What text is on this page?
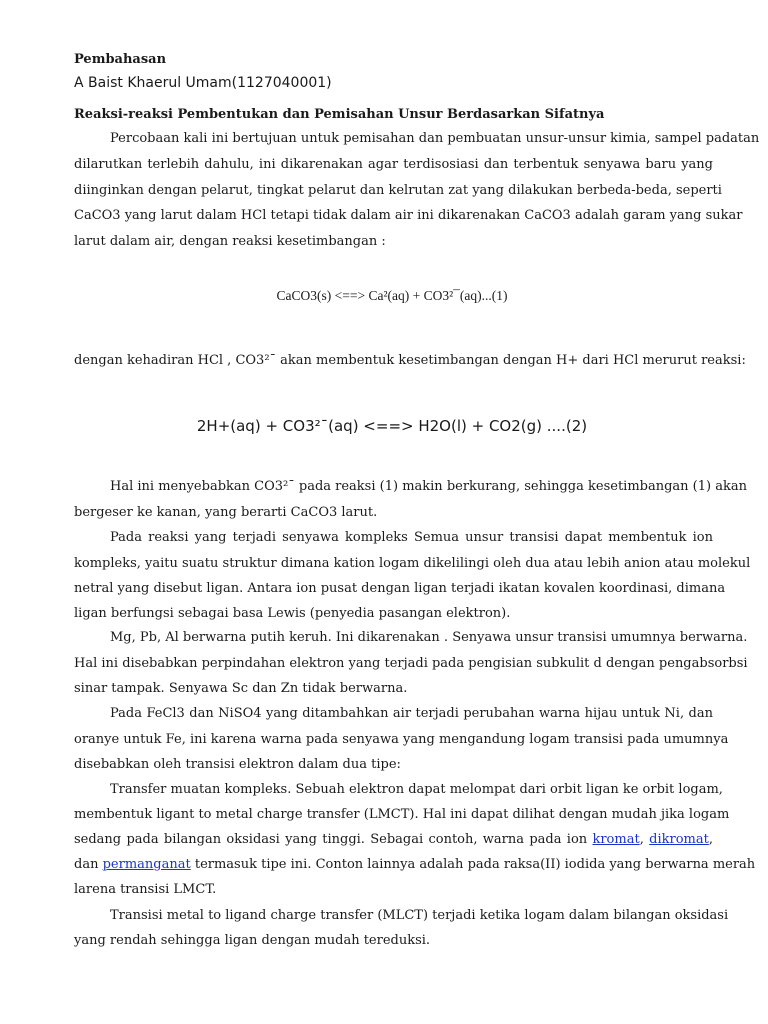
Pembahasan
A Baist Khaerul Umam(1127040001)
Reaksi-reaksi Pembentukan dan Pemisahan Unsur Berdasarkan Sifatnya
Percobaan kali ini bertujuan untuk pemisahan dan pembuatan unsur-unsur kimia, sampel padatan
dilarutkan terlebih dahulu, ini dikarenakan agar terdisosiasi dan terbentuk senyawa baru yang
diinginkan dengan pelarut, tingkat pelarut dan kelrutan zat yang dilakukan berbeda-beda, seperti
CaCO3 yang larut dalam HCl tetapi tidak dalam air ini dikarenakan CaCO3 adalah garam yang sukar
larut dalam air, dengan reaksi kesetimbangan :
CaCO3(s) <==> Ca²(aq) + CO3²¯(aq)...(1)
dengan kehadiran HCl , CO3²¯ akan membentuk kesetimbangan dengan H+ dari HCl merurut reaksi:
2H+(aq) + CO3²¯(aq) <==> H2O(l) + CO2(g) ....(2)
Hal ini menyebabkan CO3²¯ pada reaksi (1) makin berkurang, sehingga kesetimbangan (1) akan
bergeser ke kanan, yang berarti CaCO3 larut.
Pada reaksi yang terjadi senyawa kompleks Semua unsur transisi dapat membentuk ion
kompleks, yaitu suatu struktur dimana kation logam dikelilingi oleh dua atau lebih anion atau molekul
netral yang disebut ligan. Antara ion pusat dengan ligan terjadi ikatan kovalen koordinasi, dimana
ligan berfungsi sebagai basa Lewis (penyedia pasangan elektron).
Mg, Pb, Al berwarna putih keruh. Ini dikarenakan . Senyawa unsur transisi umumnya berwarna.
Hal ini disebabkan perpindahan elektron yang terjadi pada pengisian subkulit d dengan pengabsorbsi
sinar tampak. Senyawa Sc dan Zn tidak berwarna.
Pada FeCl3 dan NiSO4 yang ditambahkan air terjadi perubahan warna hijau untuk Ni, dan
oranye untuk Fe, ini karena warna pada senyawa yang mengandung logam transisi pada umumnya
disebabkan oleh transisi elektron dalam dua tipe:
Transfer muatan kompleks. Sebuah elektron dapat melompat dari orbit ligan ke orbit logam,
membentuk ligant to metal charge transfer (LMCT). Hal ini dapat dilihat dengan mudah jika logam
sedang pada bilangan oksidasi yang tinggi. Sebagai contoh, warna pada ion kromat, dikromat,
dan permanganat termasuk tipe ini. Conton lainnya adalah pada raksa(II) iodida yang berwarna merah
larena transisi LMCT.
Transisi metal to ligand charge transfer (MLCT) terjadi ketika logam dalam bilangan oksidasi
yang rendah sehingga ligan dengan mudah tereduksi.
